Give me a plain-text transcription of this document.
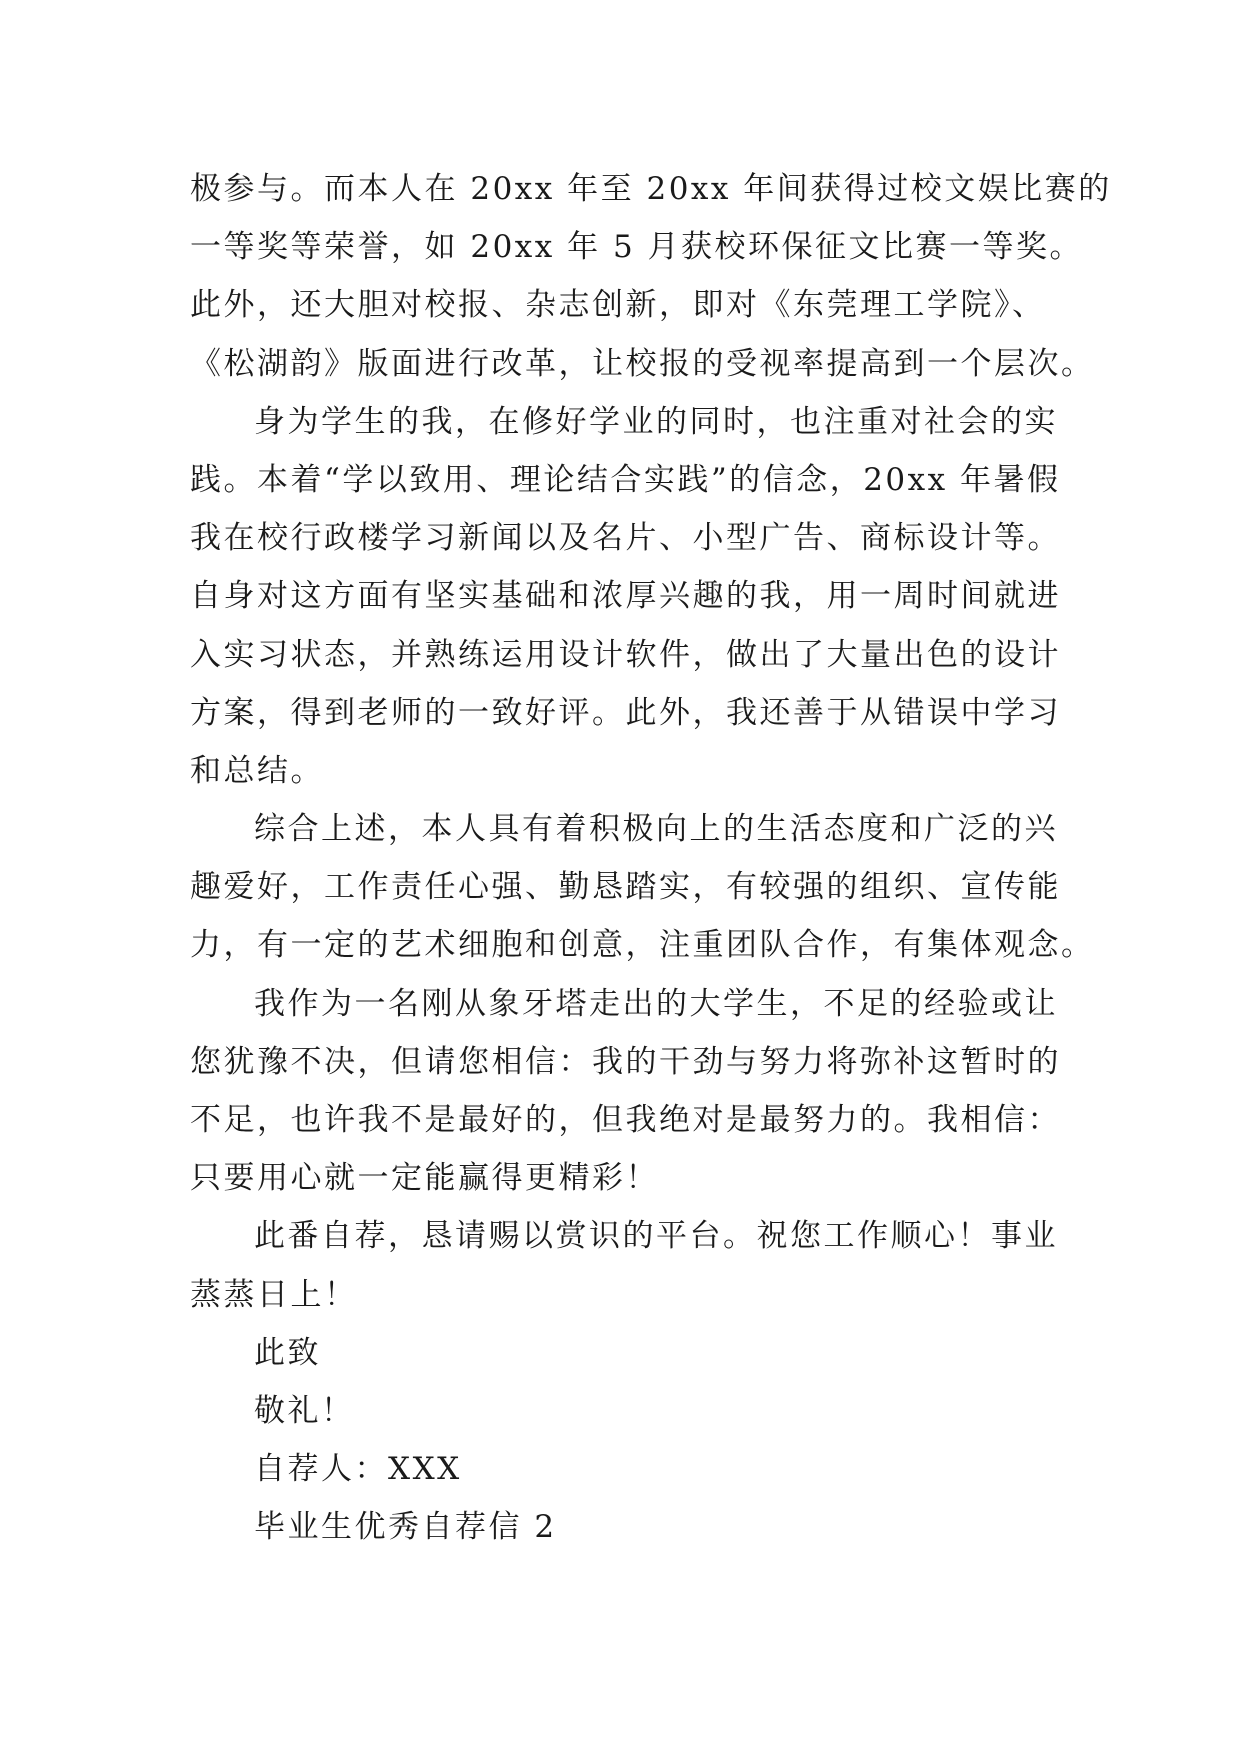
极参与。而本人在 20xx 年至 20xx 年间获得过校文娱比赛的
一等奖等荣誉，如 20xx 年 5 月获校环保征文比赛一等奖。
此外，还大胆对校报、杂志创新，即对《东莞理工学院》、
《松湖韵》版面进行改革，让校报的受视率提高到一个层次。
身为学生的我，在修好学业的同时，也注重对社会的实
践。本着“学以致用、理论结合实践”的信念，20xx 年暑假
我在校行政楼学习新闻以及名片、小型广告、商标设计等。
自身对这方面有坚实基础和浓厚兴趣的我，用一周时间就进
入实习状态，并熟练运用设计软件，做出了大量出色的设计
方案，得到老师的一致好评。此外，我还善于从错误中学习
和总结。
综合上述，本人具有着积极向上的生活态度和广泛的兴
趣爱好，工作责任心强、勤恳踏实，有较强的组织、宣传能
力，有一定的艺术细胞和创意，注重团队合作，有集体观念。
我作为一名刚从象牙塔走出的大学生，不足的经验或让
您犹豫不决，但请您相信：我的干劲与努力将弥补这暂时的
不足，也许我不是最好的，但我绝对是最努力的。我相信：
只要用心就一定能赢得更精彩！
此番自荐，恳请赐以赏识的平台。祝您工作顺心！事业
蒸蒸日上！
此致
敬礼！
自荐人：XXX
毕业生优秀自荐信 2
